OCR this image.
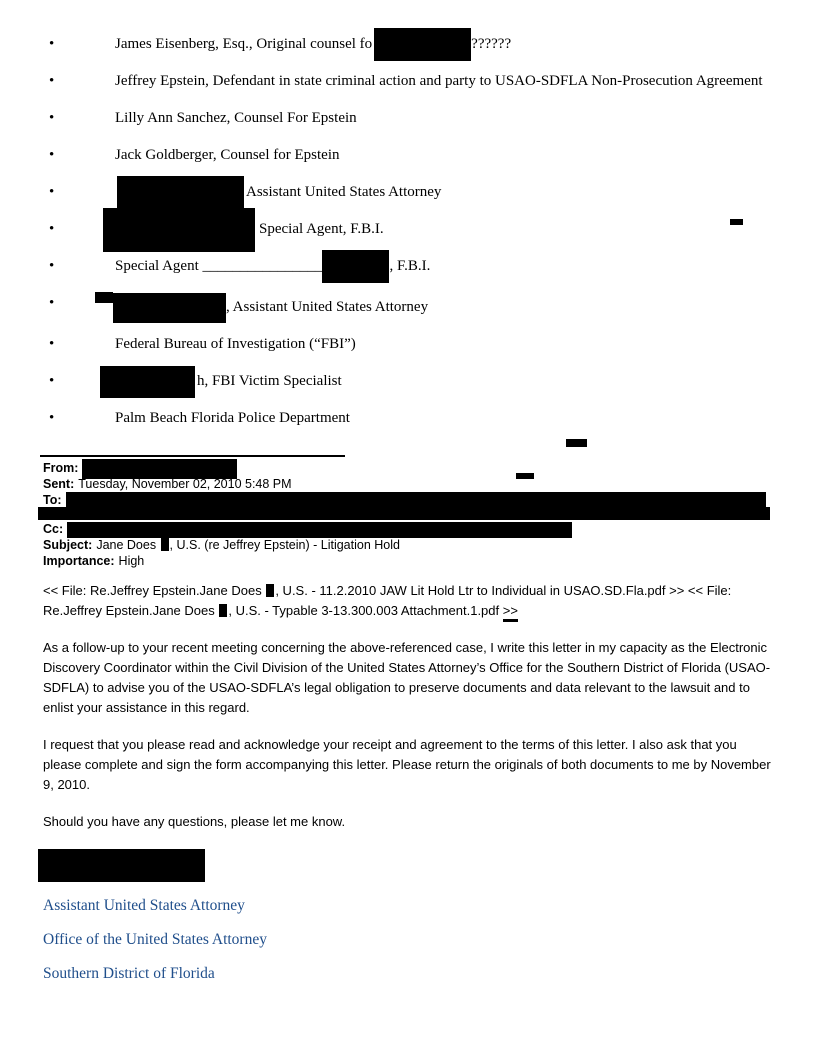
•	James Eisenberg, Esq., Original counsel fo	??????

•	Jeffrey Epstein, Defendant in state criminal action and party to USAO-SDFLA Non-Prosecution Agreement

•	Lilly Ann Sanchez, Counsel For Epstein

•	Jack Goldberger, Counsel for Epstein

•	Assistant United States Attorney

•	Special Agent, F.B.I.

•	Special Agent ________________	, F.B.I.

•	, Assistant United States Attorney

•	Federal Bureau of Investigation (“FBI”)

•	h, FBI Victim Specialist

•	Palm Beach Florida Police Department

From:
Sent: Tuesday, November 02, 2010 5:48 PM
To:
Cc:
Subject: Jane Does , U.S. (re Jeffrey Epstein) - Litigation Hold
Importance: High

<< File: Re.Jeffrey Epstein.Jane Does , U.S. - 11.2.2010 JAW Lit Hold Ltr to Individual in USAO.SD.Fla.pdf >> << File: Re.Jeffrey Epstein.Jane Does , U.S. - Typable 3-13.300.003 Attachment.1.pdf >>

As a follow-up to your recent meeting concerning the above-referenced case, I write this letter in my capacity as the Electronic Discovery Coordinator within the Civil Division of the United States Attorney’s Office for the Southern District of Florida (USAO-SDFLA) to advise you of the USAO-SDFLA’s legal obligation to preserve documents and data relevant to the lawsuit and to enlist your assistance in this regard.

I request that you please read and acknowledge your receipt and agreement to the terms of this letter. I also ask that you please complete and sign the form accompanying this letter. Please return the originals of both documents to me by November 9, 2010.

Should you have any questions, please let me know.

Assistant United States Attorney

Office of the United States Attorney

Southern District of Florida
